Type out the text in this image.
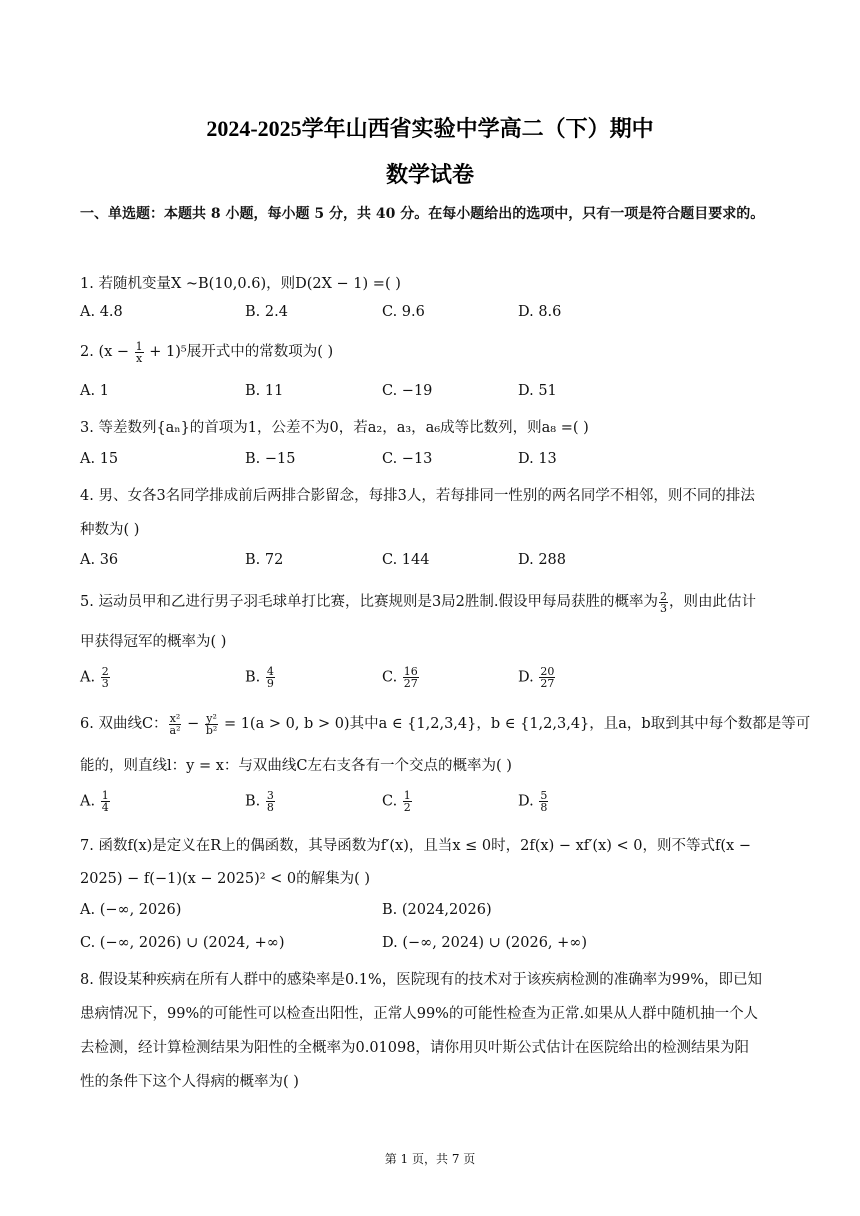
2024-2025学年山西省实验中学高二（下）期中
数学试卷
一、单选题：本题共 8 小题，每小题 5 分，共 40 分。在每小题给出的选项中，只有一项是符合题目要求的。
1. 若随机变量X ~B(10,0.6)，则D(2X − 1) =( )
A. 4.8	B. 2.4	C. 9.6	D. 8.6
2. $(x - \frac{1}{x} + 1)^5$展开式中的常数项为( )
A. 1	B. 11	C. −19	D. 51
3. 等差数列{aₙ}的首项为1，公差不为0，若a₂，a₃，a₆成等比数列，则a₈ =( )
A. 15	B. −15	C. −13	D. 13
4. 男、女各3名同学排成前后两排合影留念，每排3人，若每排同一性别的两名同学不相邻，则不同的排法
种数为( )
A. 36	B. 72	C. 144	D. 288
5. 运动员甲和乙进行男子羽毛球单打比赛，比赛规则是3局2胜制.假设甲每局获胜的概率为 $\frac{2}{3}$ ，则由此估计
甲获得冠军的概率为( )
A. $\frac{2}{3}$	B. $\frac{4}{9}$	C. $\frac{16}{27}$	D. $\frac{20}{27}$
6. 双曲线C： $\frac{\text{x²}}{\text{a²}} - \frac{\text{y²}}{\text{b²}} = 1(a > 0$, b > 0)其中a ∈ {1,2,3,4}，b ∈ {1,2,3,4}，且a，b取到其中每个数都是等可
能的，则直线l：y = x：与双曲线C左右支各有一个交点的概率为( )
A. $\frac{1}{4}$	B. $\frac{3}{8}$	C. $\frac{1}{2}$	D. $\frac{5}{8}$
7. 函数f(x)是定义在R上的偶函数，其导函数为f′(x)，且当x ≤ 0时，2f(x) − xf′(x) < 0，则不等式f(x −
2025) − f(−1)(x − 2025)² < 0的解集为( )
A. (−∞, 2026)	B. (2024,2026)
C. (−∞, 2026) ∪ (2024, +∞)	D. (−∞, 2024) ∪ (2026, +∞)
8. 假设某种疾病在所有人群中的感染率是0.1%，医院现有的技术对于该疾病检测的准确率为99%，即已知
患病情况下，99%的可能性可以检查出阳性，正常人99%的可能性检查为正常.如果从人群中随机抽一个人
去检测，经计算检测结果为阳性的全概率为0.01098，请你用贝叶斯公式估计在医院给出的检测结果为阳
性的条件下这个人得病的概率为( )
第 1 页，共 7 页
